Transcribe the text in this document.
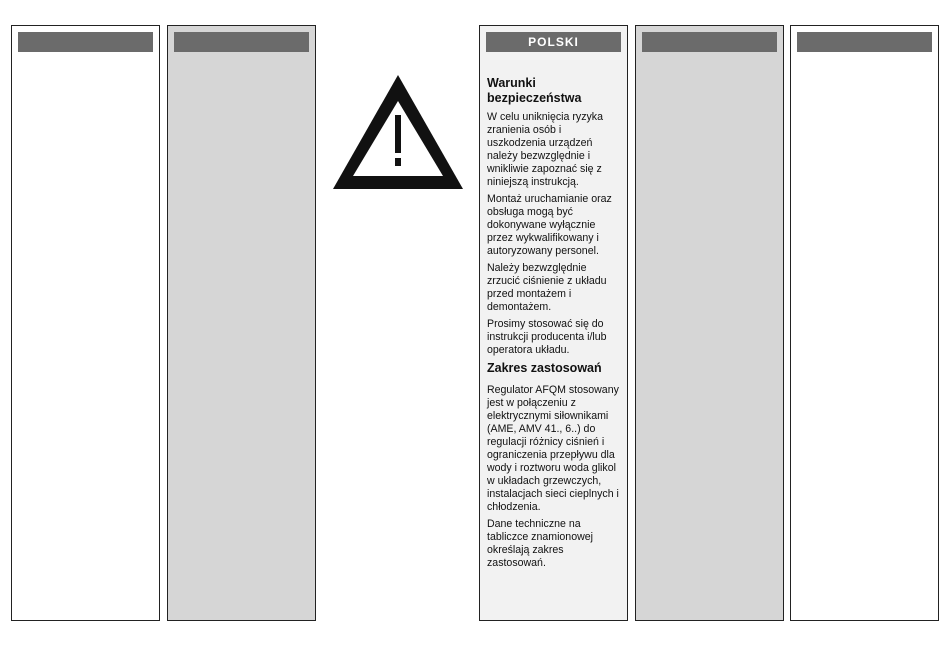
POLSKI
Warunki bezpieczeństwa

W celu uniknięcia ryzyka zranienia osób i uszkodzenia urządzeń należy bezwzględnie i wnikliwie zapoznać się z niniejszą instrukcją.

Montaż uruchamianie oraz obsługa mogą być dokonywane wyłącznie przez wykwalifikowany i autoryzowany personel.

Należy bezwzględnie zrzucić ciśnienie z układu przed montażem i demontażem.

Prosimy stosować się do instrukcji producenta i/lub operatora układu.

Zakres zastosowań

Regulator AFQM stosowany jest w połączeniu z elektrycznymi siłownikami (AME, AMV 41., 6..) do regulacji różnicy ciśnień i ograniczenia przepływu dla wody i roztworu woda glikol w układach grzewczych, instalacjach sieci cieplnych i chłodzenia.

Dane techniczne na tabliczce znamionowej określają zakres zastosowań.
